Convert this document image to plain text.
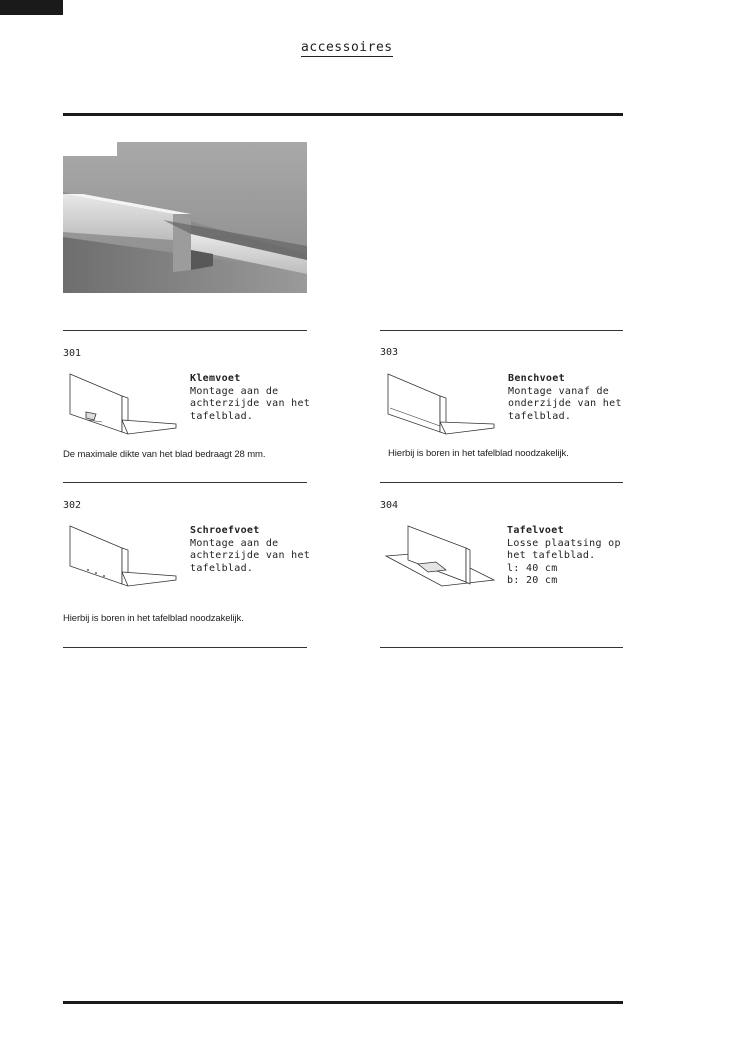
accessoires
301
Klemvoet
Montage aan de
achterzijde van het
tafelblad.
De maximale dikte van het blad bedraagt 28 mm.
303
Benchvoet
Montage vanaf de
onderzijde van het
tafelblad.
Hierbij is boren in het tafelblad noodzakelijk.
302
Schroefvoet
Montage aan de
achterzijde van het
tafelblad.
Hierbij is boren in het tafelblad noodzakelijk.
304
Tafelvoet
Losse plaatsing op
het tafelblad.
l: 40 cm
b: 20 cm
